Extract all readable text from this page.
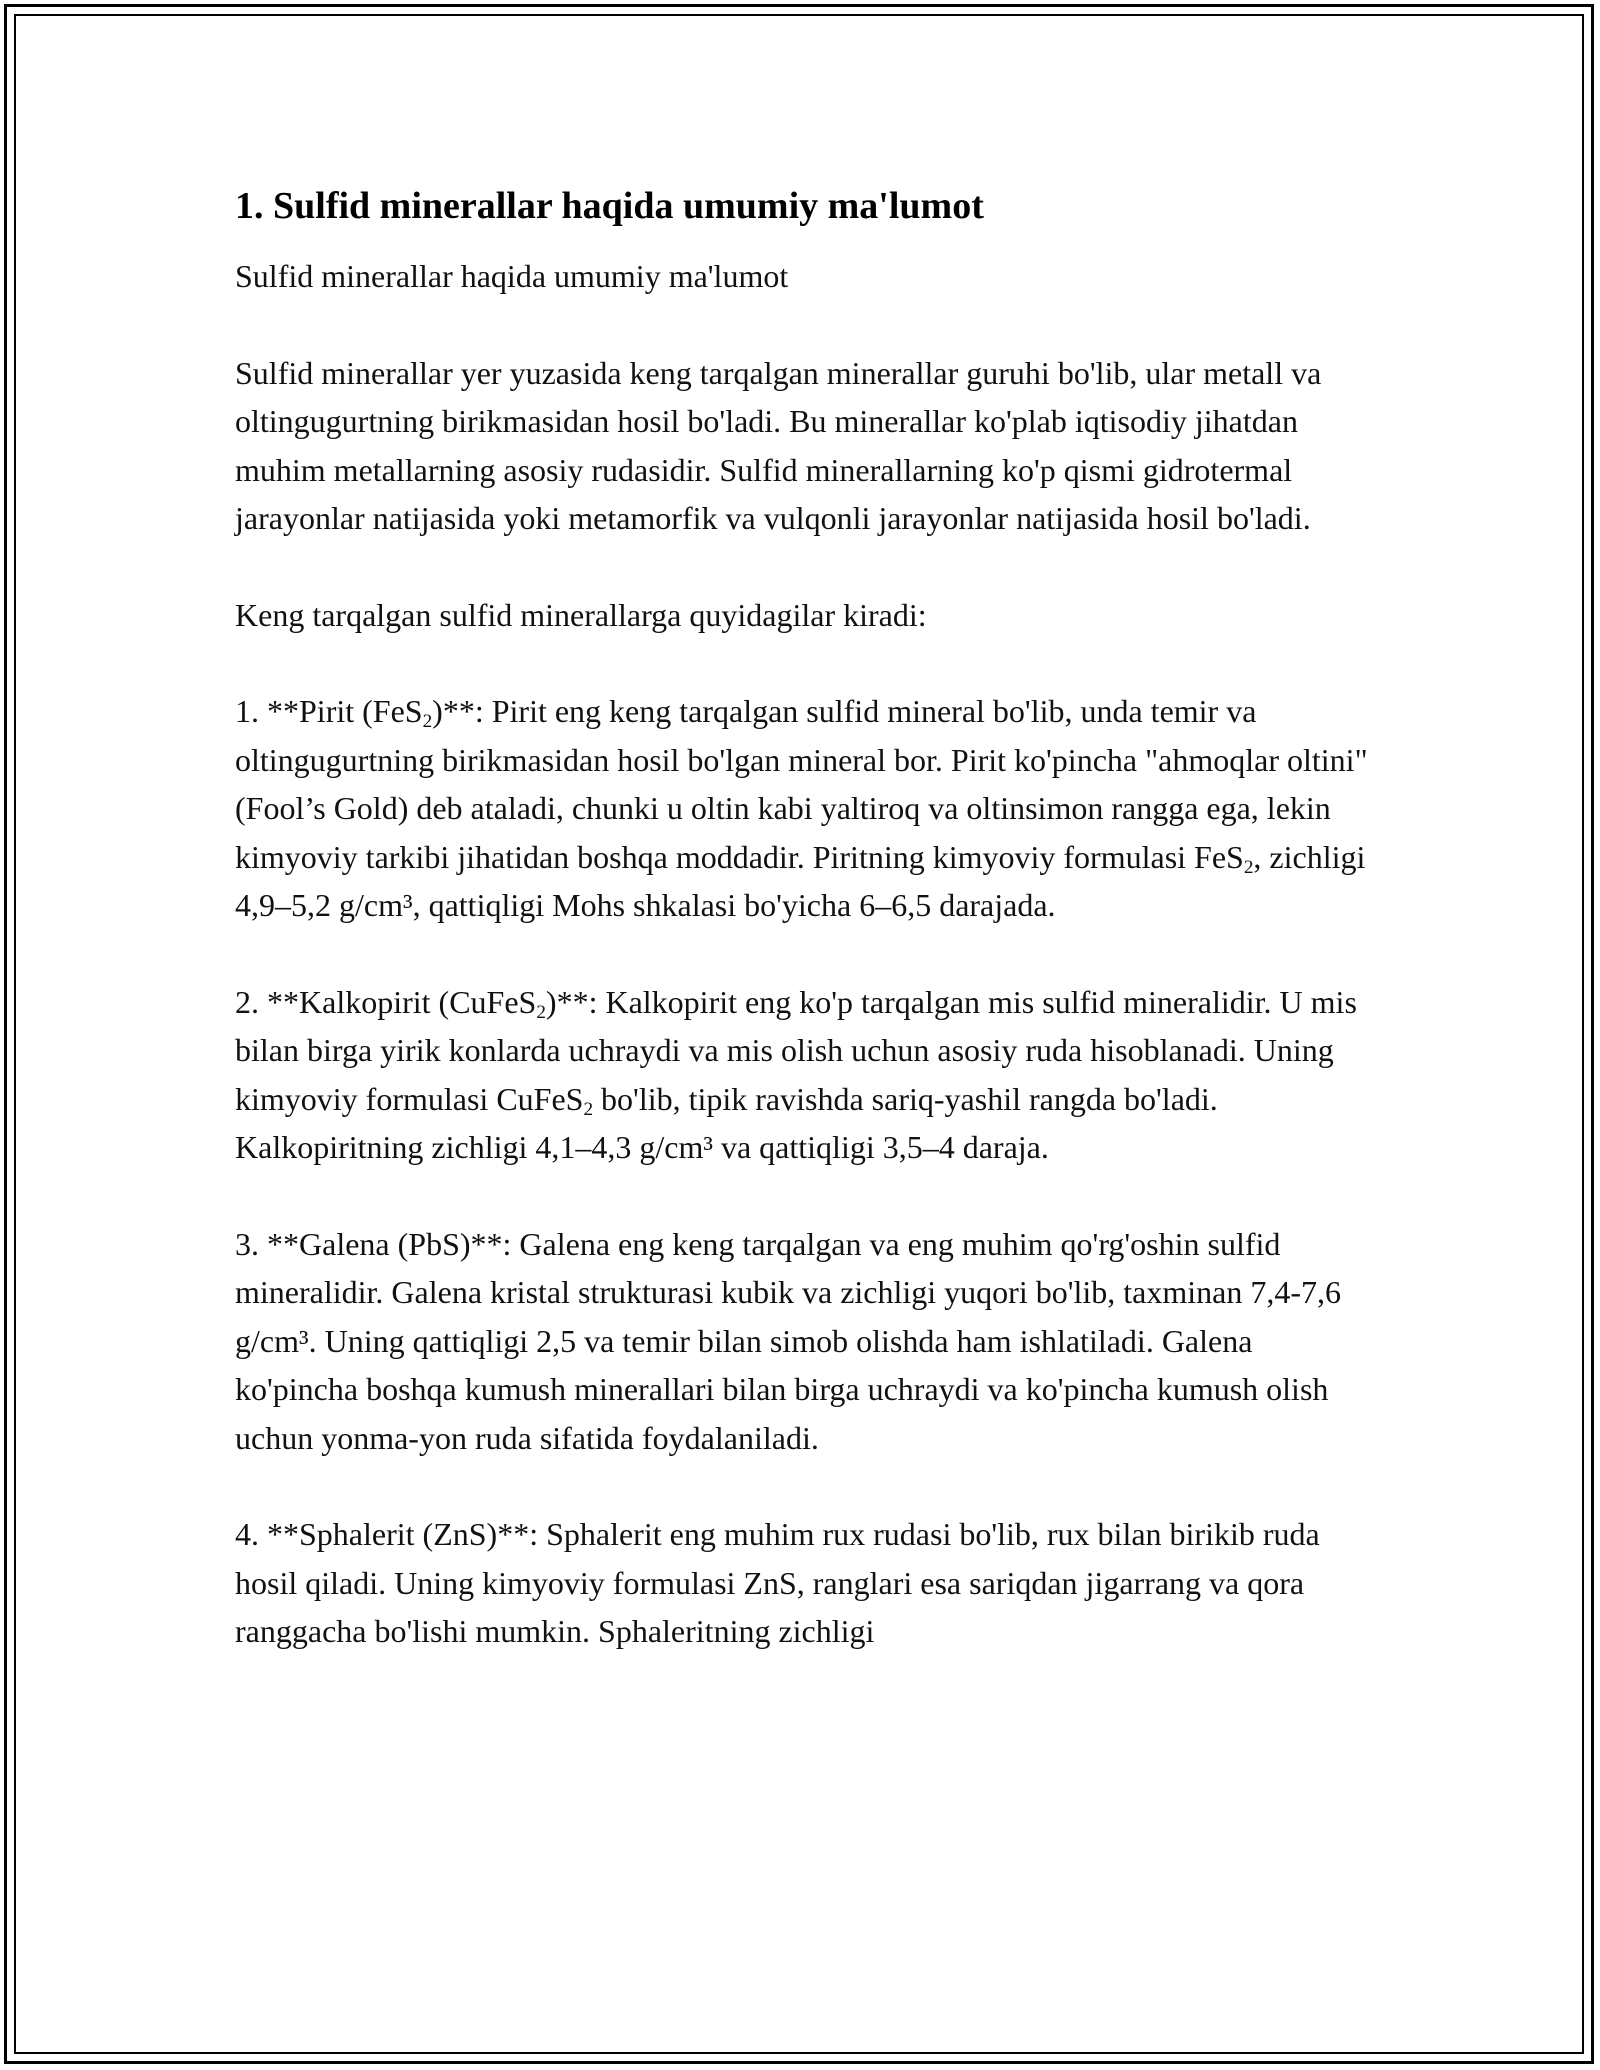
1. Sulfid minerallar haqida umumiy ma'lumot

Sulfid minerallar haqida umumiy ma'lumot

Sulfid minerallar yer yuzasida keng tarqalgan minerallar guruhi bo'lib, ular metall va oltingugurtning birikmasidan hosil bo'ladi. Bu minerallar ko'plab iqtisodiy jihatdan muhim metallarning asosiy rudasidir. Sulfid minerallarning ko'p qismi gidrotermal jarayonlar natijasida yoki metamorfik va vulqonli jarayonlar natijasida hosil bo'ladi.

Keng tarqalgan sulfid minerallarga quyidagilar kiradi:

1. **Pirit (FeS$_2$)**: Pirit eng keng tarqalgan sulfid mineral bo'lib, unda temir va oltingugurtning birikmasidan hosil bo'lgan mineral bor. Pirit ko'pincha "ahmoqlar oltini" (Fool’s Gold) deb ataladi, chunki u oltin kabi yaltiroq va oltinsimon rangga ega, lekin kimyoviy tarkibi jihatidan boshqa moddadir. Piritning kimyoviy formulasi FeS$_2$, zichligi 4,9–5,2 g/cm³, qattiqligi Mohs shkalasi bo'yicha 6–6,5 darajada.

2. **Kalkopirit (CuFeS$_2$)**: Kalkopirit eng ko'p tarqalgan mis sulfid mineralidir. U mis bilan birga yirik konlarda uchraydi va mis olish uchun asosiy ruda hisoblanadi. Uning kimyoviy formulasi CuFeS$_2$ bo'lib, tipik ravishda sariq-yashil rangda bo'ladi. Kalkopiritning zichligi 4,1–4,3 g/cm³ va qattiqligi 3,5–4 daraja.

3. **Galena (PbS)**: Galena eng keng tarqalgan va eng muhim qo'rg'oshin sulfid mineralidir. Galena kristal strukturasi kubik va zichligi yuqori bo'lib, taxminan 7,4-7,6 g/cm³. Uning qattiqligi 2,5 va temir bilan simob olishda ham ishlatiladi. Galena ko'pincha boshqa kumush minerallari bilan birga uchraydi va ko'pincha kumush olish uchun yonma-yon ruda sifatida foydalaniladi.

4. **Sphalerit (ZnS)**: Sphalerit eng muhim rux rudasi bo'lib, rux bilan birikib ruda hosil qiladi. Uning kimyoviy formulasi ZnS, ranglari esa sariqdan jigarrang va qora ranggacha bo'lishi mumkin. Sphaleritning zichligi
